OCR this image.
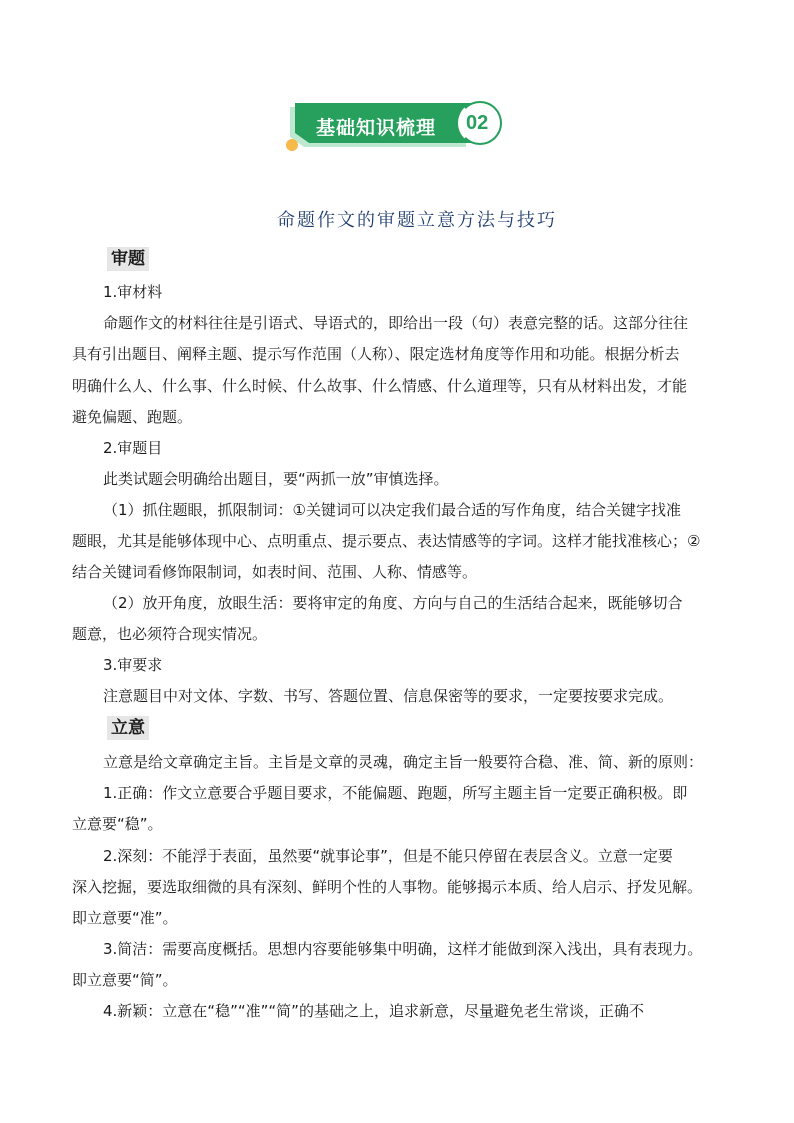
基础知识梳理 02
命题作文的审题立意方法与技巧
审题
1.审材料
命题作文的材料往往是引语式、导语式的，即给出一段（句）表意完整的话。这部分往往
具有引出题目、阐释主题、提示写作范围（人称）、限定选材角度等作用和功能。根据分析去
明确什么人、什么事、什么时候、什么故事、什么情感、什么道理等，只有从材料出发，才能
避免偏题、跑题。
2.审题目
此类试题会明确给出题目，要“两抓一放”审慎选择。
（1）抓住题眼，抓限制词：①关键词可以决定我们最合适的写作角度，结合关键字找准
题眼，尤其是能够体现中心、点明重点、提示要点、表达情感等的字词。这样才能找准核心；②
结合关键词看修饰限制词，如表时间、范围、人称、情感等。
（2）放开角度，放眼生活：要将审定的角度、方向与自己的生活结合起来，既能够切合
题意，也必须符合现实情况。
3.审要求
注意题目中对文体、字数、书写、答题位置、信息保密等的要求，一定要按要求完成。
立意
立意是给文章确定主旨。主旨是文章的灵魂，确定主旨一般要符合稳、准、简、新的原则：
1.正确：作文立意要合乎题目要求，不能偏题、跑题，所写主题主旨一定要正确积极。即
立意要“稳”。
2.深刻：不能浮于表面，虽然要“就事论事”，但是不能只停留在表层含义。立意一定要
深入挖掘，要选取细微的具有深刻、鲜明个性的人事物。能够揭示本质、给人启示、抒发见解。
即立意要“准”。
3.简洁：需要高度概括。思想内容要能够集中明确，这样才能做到深入浅出，具有表现力。
即立意要“简”。
4.新颖：立意在“稳”“准”“简”的基础之上，追求新意，尽量避免老生常谈，正确不
